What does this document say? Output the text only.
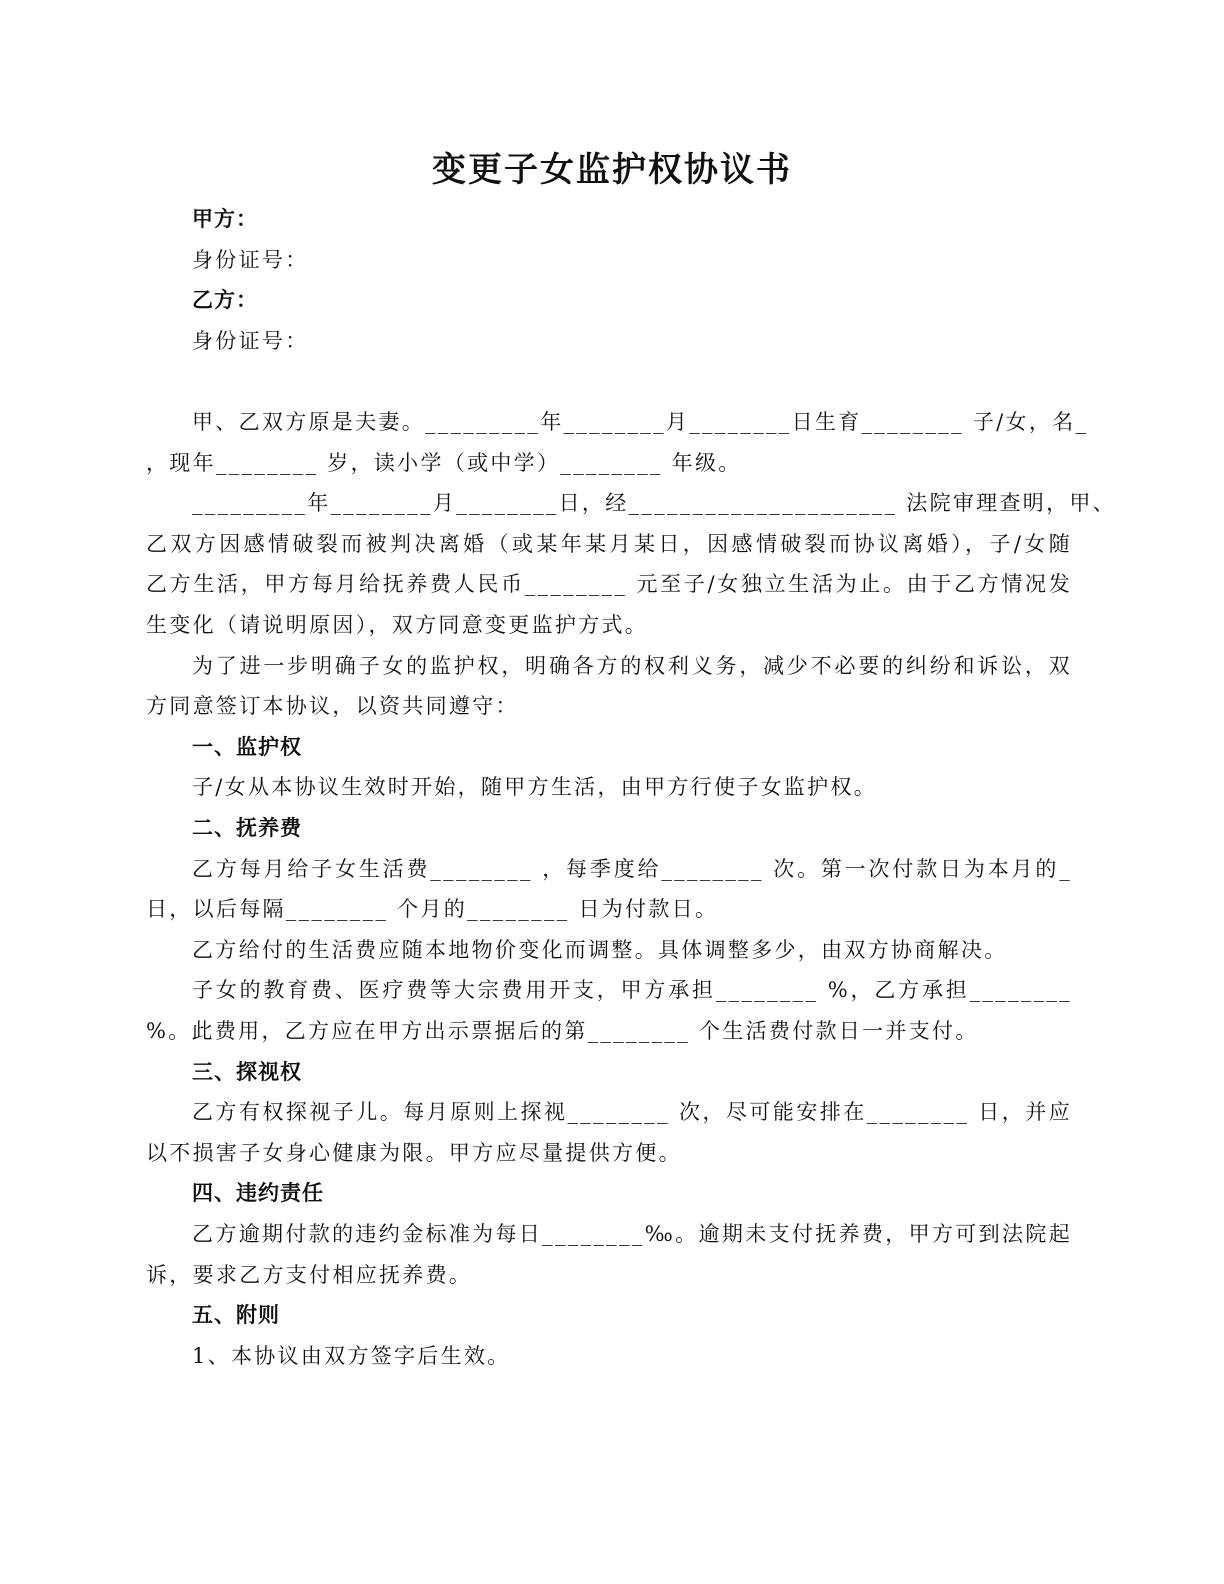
变更子女监护权协议书
甲方：
身份证号：
乙方：
身份证号：
甲、乙双方原是夫妻。_________年________月________日生育________ 子/女，名_
，现年________ 岁，读小学（或中学）________ 年级。
_________年________月________日，经_____________________ 法院审理查明，甲、
乙双方因感情破裂而被判决离婚（或某年某月某日，因感情破裂而协议离婚），子/女随
乙方生活，甲方每月给抚养费人民币________ 元至子/女独立生活为止。由于乙方情况发
生变化（请说明原因），双方同意变更监护方式。
为了进一步明确子女的监护权，明确各方的权利义务，减少不必要的纠纷和诉讼，双
方同意签订本协议，以资共同遵守：
一、监护权
子/女从本协议生效时开始，随甲方生活，由甲方行使子女监护权。
二、抚养费
乙方每月给子女生活费________ ，每季度给________ 次。第一次付款日为本月的_
日，以后每隔________ 个月的________ 日为付款日。
乙方给付的生活费应随本地物价变化而调整。具体调整多少，由双方协商解决。
子女的教育费、医疗费等大宗费用开支，甲方承担________ %，乙方承担________
%。此费用，乙方应在甲方出示票据后的第________ 个生活费付款日一并支付。
三、探视权
乙方有权探视子儿。每月原则上探视________ 次，尽可能安排在________ 日，并应
以不损害子女身心健康为限。甲方应尽量提供方便。
四、违约责任
乙方逾期付款的违约金标准为每日________‰。逾期未支付抚养费，甲方可到法院起
诉，要求乙方支付相应抚养费。
五、附则
1、本协议由双方签字后生效。
